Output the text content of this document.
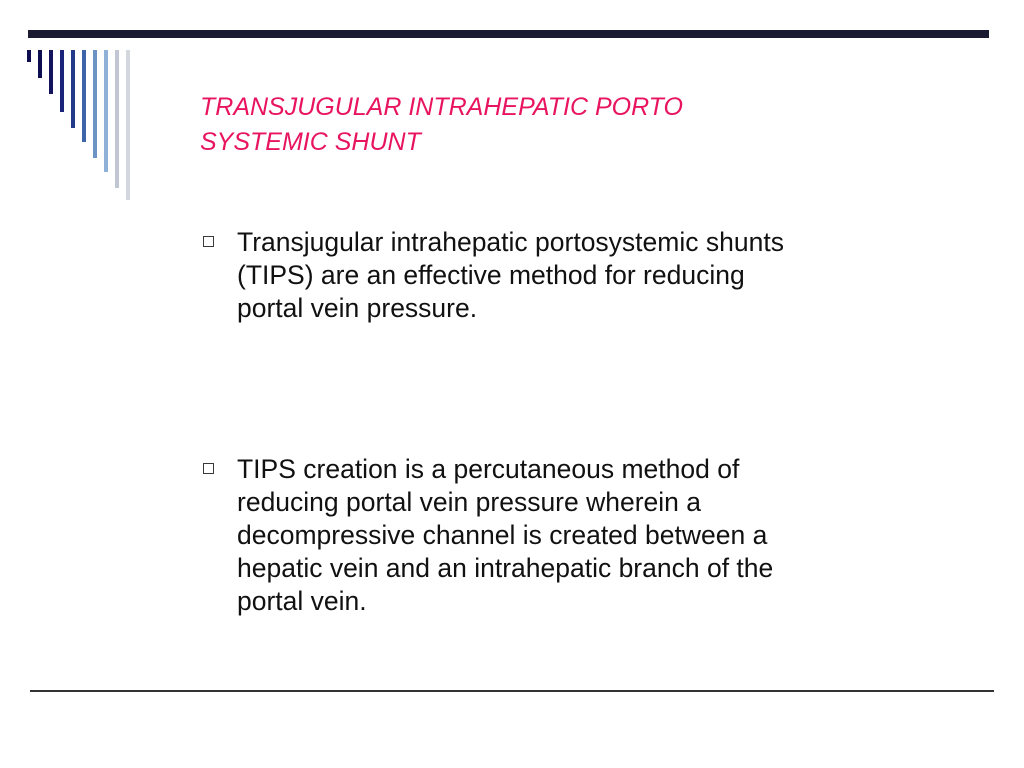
TRANSJUGULAR INTRAHEPATIC PORTO
SYSTEMIC SHUNT
Transjugular intrahepatic portosystemic shunts
(TIPS) are an effective method for reducing
portal vein pressure.
TIPS creation is a percutaneous method of
reducing portal vein pressure wherein a
decompressive channel is created between a
hepatic vein and an intrahepatic branch of the
portal vein.
